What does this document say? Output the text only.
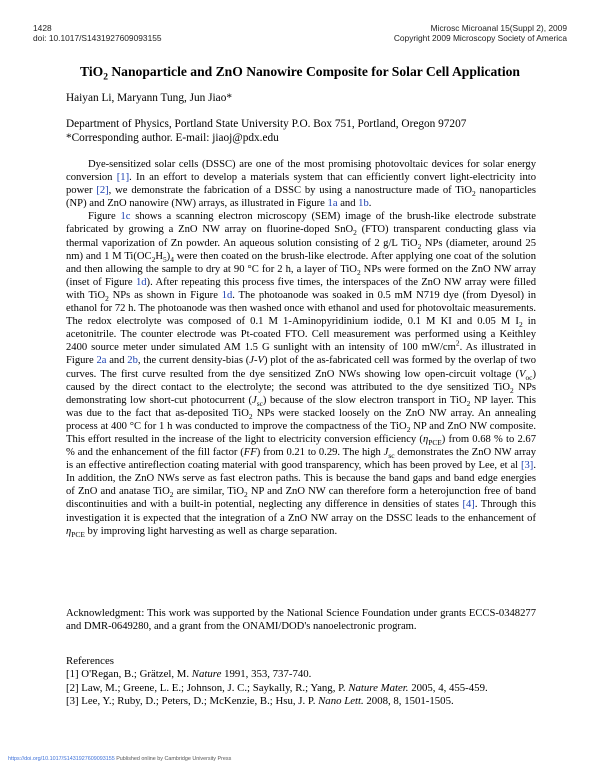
1428
doi: 10.1017/S1431927609093155
Microsc Microanal 15(Suppl 2), 2009
Copyright 2009 Microscopy Society of America
TiO$_2$ Nanoparticle and ZnO Nanowire Composite for Solar Cell Application
Haiyan Li, Maryann Tung, Jun Jiao*
Department of Physics, Portland State University P.O. Box 751, Portland, Oregon 97207
*Corresponding author. E-mail: jiaoj@pdx.edu

Dye-sensitized solar cells (DSSC) are one of the most promising photovoltaic devices for solar energy conversion [1]. In an effort to develop a materials system that can efficiently convert light-electricity into power [2], we demonstrate the fabrication of a DSSC by using a nanostructure made of TiO$_2$ nanoparticles (NP) and ZnO nanowire (NW) arrays, as illustrated in Figure 1a and 1b.

Figure 1c shows a scanning electron microscopy (SEM) image of the brush-like electrode substrate fabricated by growing a ZnO NW array on fluorine-doped SnO$_2$ (FTO) transparent conducting glass via thermal vaporization of Zn powder. An aqueous solution consisting of 2 g/L TiO$_2$ NPs (diameter, around 25 nm) and 1 M $Ti(OC_2H_5)_4$ were then coated on the brush-like electrode. After applying one coat of the solution and then allowing the sample to dry at 90 °C for 2 h, a layer of TiO$_2$ NPs were formed on the ZnO NW array (inset of Figure 1d). After repeating this process five times, the interspaces of the ZnO NW array were filled with TiO$_2$ NPs as shown in Figure 1d. The photoanode was soaked in 0.5 mM N719 dye (from Dyesol) in ethanol for 72 h. The photoanode was then washed once with ethanol and used for photovoltaic measurements. The redox electrolyte was composed of 0.1 M 1-Aminopyridinium iodide, 0.1 M KI and 0.05 M $I_2$ in acetonitrile. The counter electrode was Pt-coated FTO. Cell measurement was performed using a Keithley 2400 source meter under simulated AM 1.5 G sunlight with an intensity of 100 $mW/cm^2$. As illustrated in Figure 2a and 2b, the current density-bias (J-V) plot of the as-fabricated cell was formed by the overlap of two curves. The first curve resulted from the dye sensitized ZnO NWs showing low open-circuit voltage $(V_{oc})$ caused by the direct contact to the electrolyte; the second was attributed to the dye sensitized TiO$_2$ NPs demonstrating low short-cut photocurrent $(J_{sc})$ because of the slow electron transport in TiO$_2$ NP layer. This was due to the fact that as-deposited TiO$_2$ NPs were stacked loosely on the ZnO NW array. An annealing process at 400 °C for 1 h was conducted to improve the compactness of the TiO$_2$ NP and ZnO NW composite. This effort resulted in the increase of the light to electricity conversion efficiency $(\eta_{PCE})$ from 0.68 % to 2.67 % and the enhancement of the fill factor (FF) from 0.21 to 0.29. The high $J_{sc}$ demonstrates the ZnO NW array is an effective antireflection coating material with good transparency, which has been proved by Lee, et al [3]. In addition, the ZnO NWs serve as fast electron paths. This is because the band gaps and band edge energies of ZnO and anatase TiO$_2$ are similar, TiO$_2$ NP and ZnO NW can therefore form a heterojunction free of band discontinuities and with a built-in potential, neglecting any difference in densities of states [4]. Through this investigation it is expected that the integration of a ZnO NW array on the DSSC leads to the enhancement of $\eta_{PCE}$ by improving light harvesting as well as charge separation.

Acknowledgment: This work was supported by the National Science Foundation under grants ECCS-0348277 and DMR-0649280, and a grant from the ONAMI/DOD's nanoelectronic program.
References
[1] O'Regan, B.; Grätzel, M. Nature 1991, 353, 737-740.
[2] Law, M.; Greene, L. E.; Johnson, J. C.; Saykally, R.; Yang, P. Nature Mater. 2005, 4, 455-459.
[3] Lee, Y.; Ruby, D.; Peters, D.; McKenzie, B.; Hsu, J. P. Nano Lett. 2008, 8, 1501-1505.
https://doi.org/10.1017/S1431927609093155 Published online by Cambridge University Press
